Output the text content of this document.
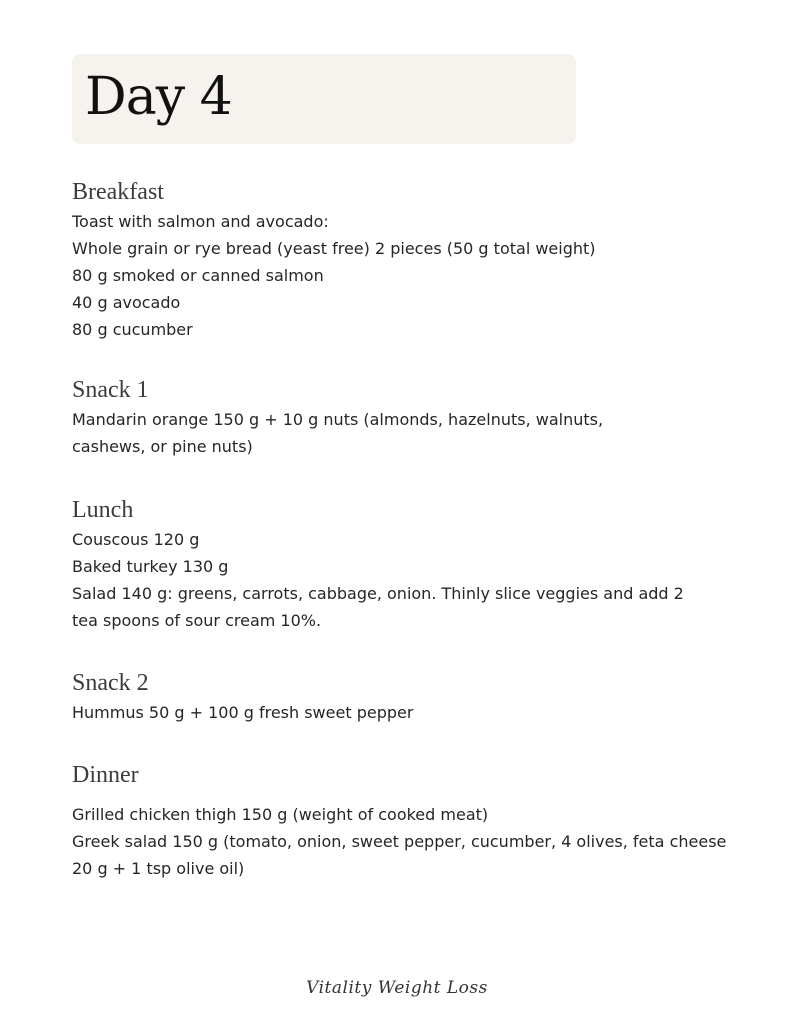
Day 4
Breakfast
Toast with salmon and avocado:
Whole grain or rye bread (yeast free) 2 pieces (50 g total weight)
80 g smoked or canned salmon
40 g avocado
80 g cucumber
Snack 1
Mandarin orange 150 g + 10 g nuts (almonds, hazelnuts, walnuts,
cashews, or pine nuts)
Lunch
Couscous 120 g
Baked turkey 130 g
Salad 140 g: greens, carrots, cabbage, onion. Thinly slice veggies and add 2
tea spoons of sour cream 10%.
Snack 2
Hummus 50 g + 100 g fresh sweet pepper
Dinner
Grilled chicken thigh 150 g (weight of cooked meat)
Greek salad 150 g (tomato, onion, sweet pepper, cucumber, 4 olives, feta cheese
20 g + 1 tsp olive oil)
Vitality Weight Loss
